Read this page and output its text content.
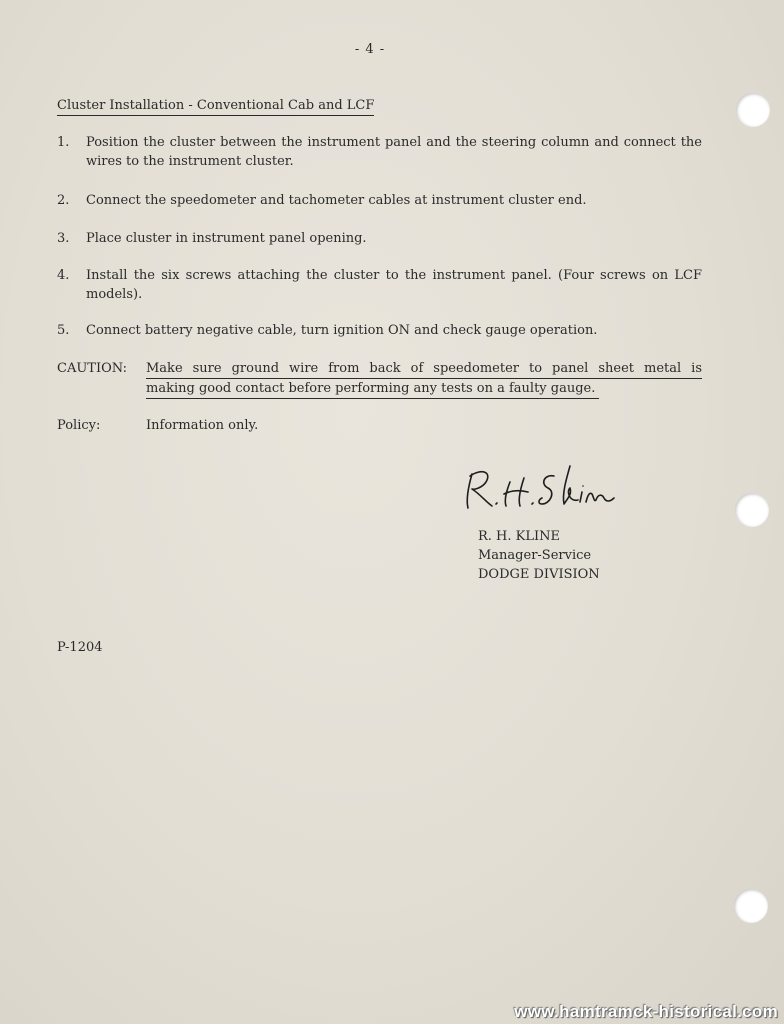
- 4 -
Cluster Installation - Conventional Cab and LCF
1. Position the cluster between the instrument panel and the steering column and connect the wires to the instrument cluster.
2. Connect the speedometer and tachometer cables at instrument cluster end.
3. Place cluster in instrument panel opening.
4. Install the six screws attaching the cluster to the instrument panel. (Four screws on LCF models).
5. Connect battery negative cable, turn ignition ON and check gauge operation.
CAUTION: Make sure ground wire from back of speedometer to panel sheet metal is
making good contact before performing any tests on a faulty gauge.
Policy:	Information only.
R. H. KLINE
Manager-Service
DODGE DIVISION
P-1204
www.hamtramck-historical.com
